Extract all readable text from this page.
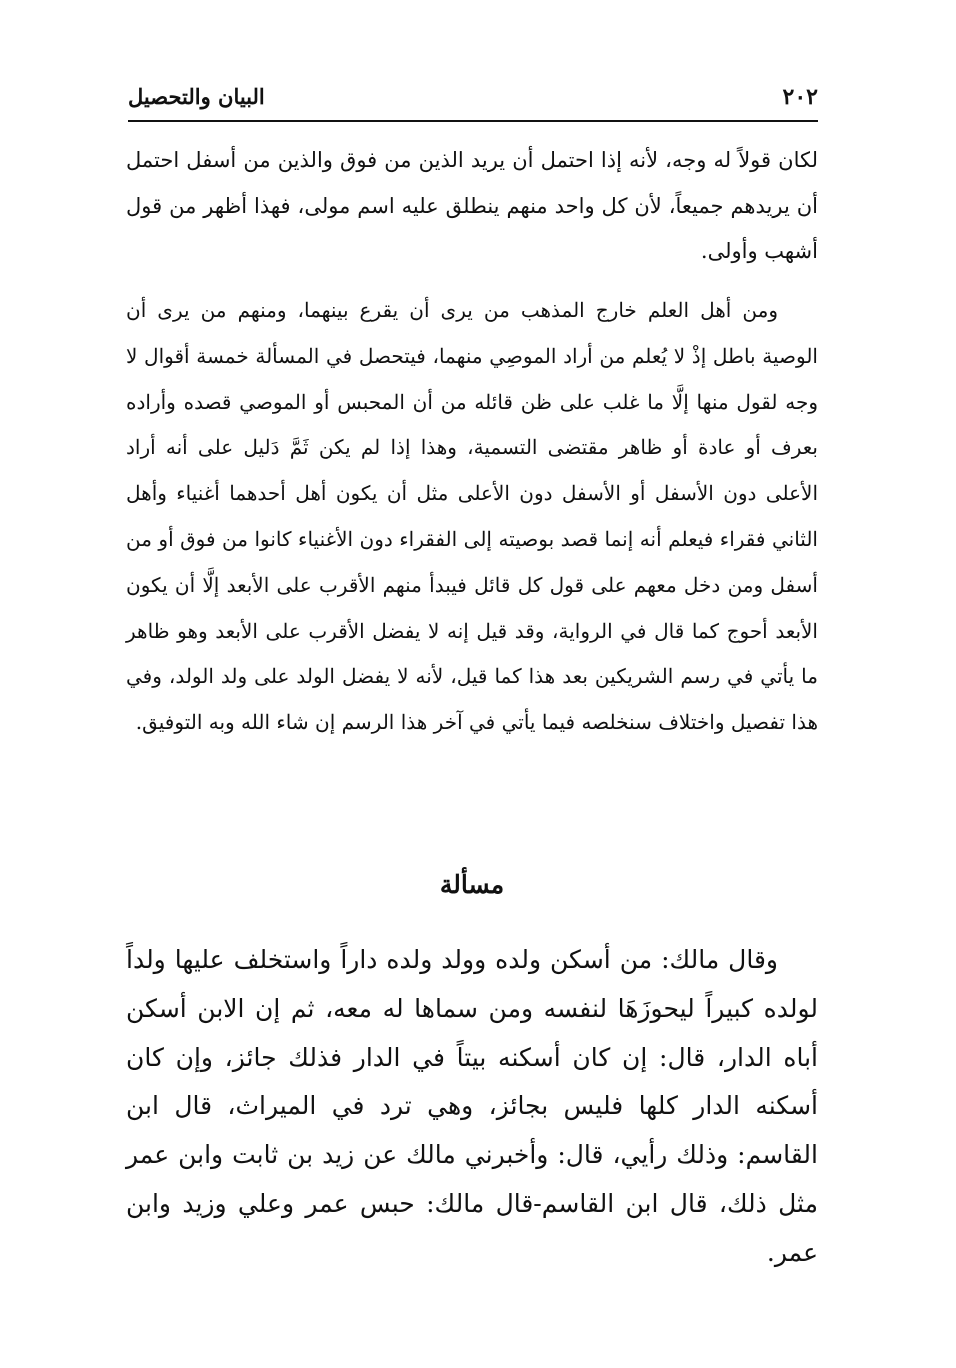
٢٠٢
البيان والتحصيل
لكان قولاً له وجه، لأنه إذا احتمل أن يريد الذين من فوق والذين من أسفل احتمل أن يريدهم جميعاً، لأن كل واحد منهم ينطلق عليه اسم مولى، فهذا أظهر من قول أشهب وأولى.
ومن أهل العلم خارج المذهب من يرى أن يقرع بينهما، ومنهم من يرى أن الوصية باطل إذْ لا يُعلم من أراد الموصِي منهما، فيتحصل في المسألة خمسة أقوال لا وجه لقول منها إلَّا ما غلب على ظن قائله من أن المحبس أو الموصي قصده وأراده بعرف أو عادة أو ظاهر مقتضى التسمية، وهذا إذا لم يكن ثَمَّ دَليل على أنه أراد الأعلى دون الأسفل أو الأسفل دون الأعلى مثل أن يكون أهل أحدهما أغنياء وأهل الثاني فقراء فيعلم أنه إنما قصد بوصيته إلى الفقراء دون الأغنياء كانوا من فوق أو من أسفل ومن دخل معهم على قول كل قائل فيبدأ منهم الأقرب على الأبعد إلَّا أن يكون الأبعد أحوج كما قال في الرواية، وقد قيل إنه لا يفضل الأقرب على الأبعد وهو ظاهر ما يأتي في رسم الشريكين بعد هذا كما قيل، لأنه لا يفضل الولد على ولد الولد، وفي هذا تفصيل واختلاف سنخلصه فيما يأتي في آخر هذا الرسم إن شاء الله وبه التوفيق.
مسألة
وقال مالك: من أسكن ولده وولد ولده داراً واستخلف عليها ولداً لولده كبيراً ليحوزَهَا لنفسه ومن سماها له معه، ثم إن الابن أسكن أباه الدار، قال: إن كان أسكنه بيتاً في الدار فذلك جائز، وإن كان أسكنه الدار كلها فليس بجائز، وهي ترد في الميراث، قال ابن القاسم: وذلك رأيي، قال: وأخبرني مالك عن زيد بن ثابت وابن عمر مثل ذلك، قال ابن القاسم-قال مالك: حبس عمر وعلي وزيد وابن عمر.
